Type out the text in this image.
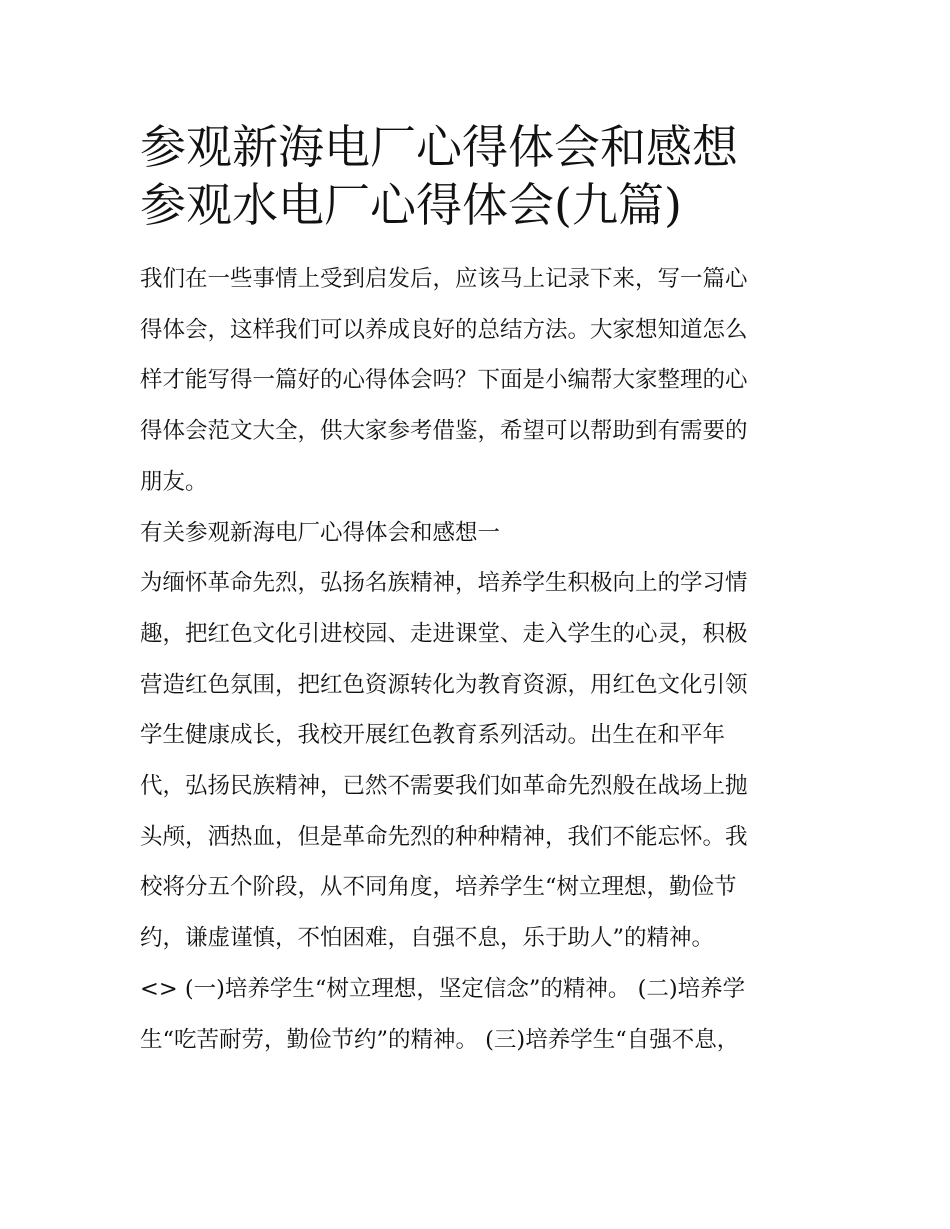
参观新海电厂心得体会和感想
参观水电厂心得体会(九篇)

我们在一些事情上受到启发后，应该马上记录下来，写一篇心
得体会，这样我们可以养成良好的总结方法。大家想知道怎么
样才能写得一篇好的心得体会吗？下面是小编帮大家整理的心
得体会范文大全，供大家参考借鉴，希望可以帮助到有需要的
朋友。

有关参观新海电厂心得体会和感想一

为缅怀革命先烈，弘扬名族精神，培养学生积极向上的学习情
趣，把红色文化引进校园、走进课堂、走入学生的心灵，积极
营造红色氛围，把红色资源转化为教育资源，用红色文化引领
学生健康成长，我校开展红色教育系列活动。出生在和平年
代，弘扬民族精神，已然不需要我们如革命先烈般在战场上抛
头颅，洒热血，但是革命先烈的种种精神，我们不能忘怀。我
校将分五个阶段，从不同角度，培养学生“树立理想，勤俭节
约，谦虚谨慎，不怕困难，自强不息，乐于助人”的精神。
<> (一)培养学生“树立理想，坚定信念”的精神。 (二)培养学
生“吃苦耐劳，勤俭节约”的精神。 (三)培养学生“自强不息，
